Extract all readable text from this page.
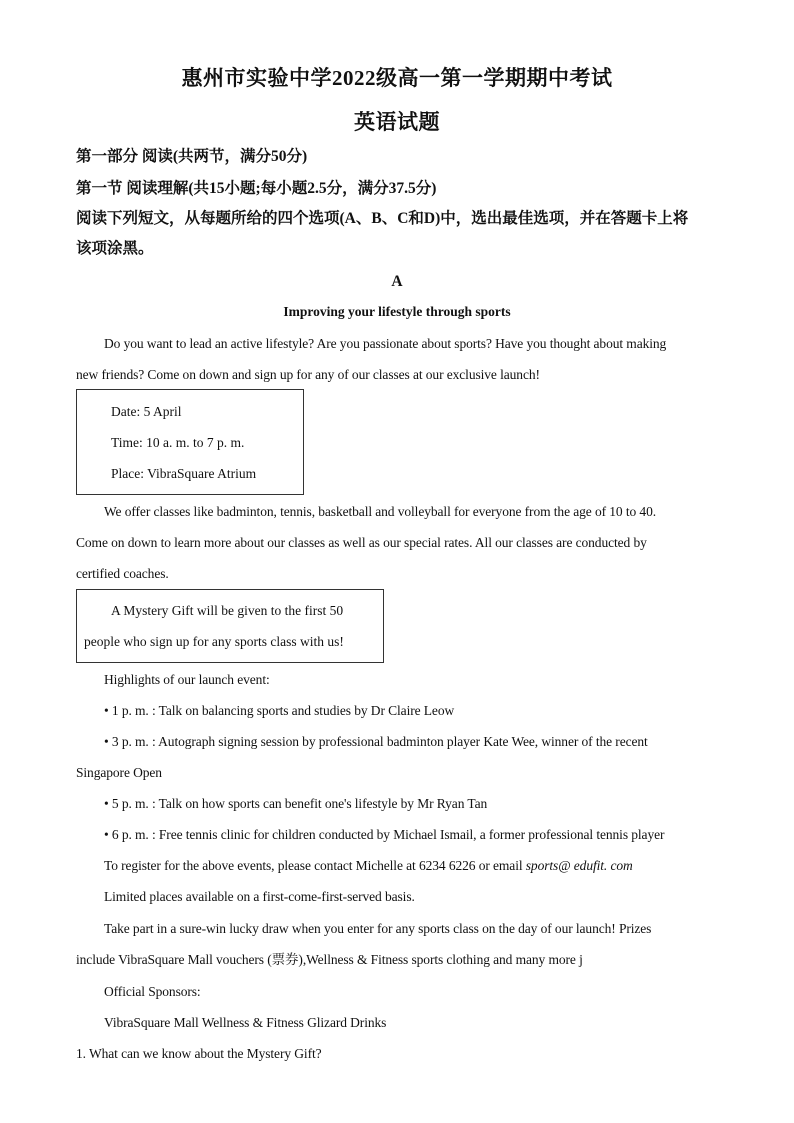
惠州市实验中学2022级高一第一学期期中考试
英语试题
第一部分 阅读(共两节，满分50分)
第一节 阅读理解(共15小题;每小题2.5分，满分37.5分)
阅读下列短文，从每题所给的四个选项(A、B、C和D)中，选出最佳选项，并在答题卡上将
该项涂黑。
A
Improving your lifestyle through sports
Do you want to lead an active lifestyle? Are you passionate about sports? Have you thought about making
new friends? Come on down and sign up for any of our classes at our exclusive launch!
Date: 5 April
Time: 10 a. m. to 7 p. m.
Place: VibraSquare Atrium
We offer classes like badminton, tennis, basketball and volleyball for everyone from the age of 10 to 40.
Come on down to learn more about our classes as well as our special rates. All our classes are conducted by
certified coaches.
A Mystery Gift will be given to the first 50
people who sign up for any sports class with us!
Highlights of our launch event:
• 1 p. m. : Talk on balancing sports and studies by Dr Claire Leow
• 3 p. m. : Autograph signing session by professional badminton player Kate Wee, winner of the recent
Singapore Open
• 5 p. m. : Talk on how sports can benefit one's lifestyle by Mr Ryan Tan
• 6 p. m. : Free tennis clinic for children conducted by Michael Ismail, a former professional tennis player
To register for the above events, please contact Michelle at 6234 6226 or email sports@ edufit. com
Limited places available on a first-come-first-served basis.
Take part in a sure-win lucky draw when you enter for any sports class on the day of our launch! Prizes
include VibraSquare Mall vouchers (票券),Wellness & Fitness sports clothing and many more j
Official Sponsors:
VibraSquare Mall Wellness & Fitness Glizard Drinks
1. What can we know about the Mystery Gift?
